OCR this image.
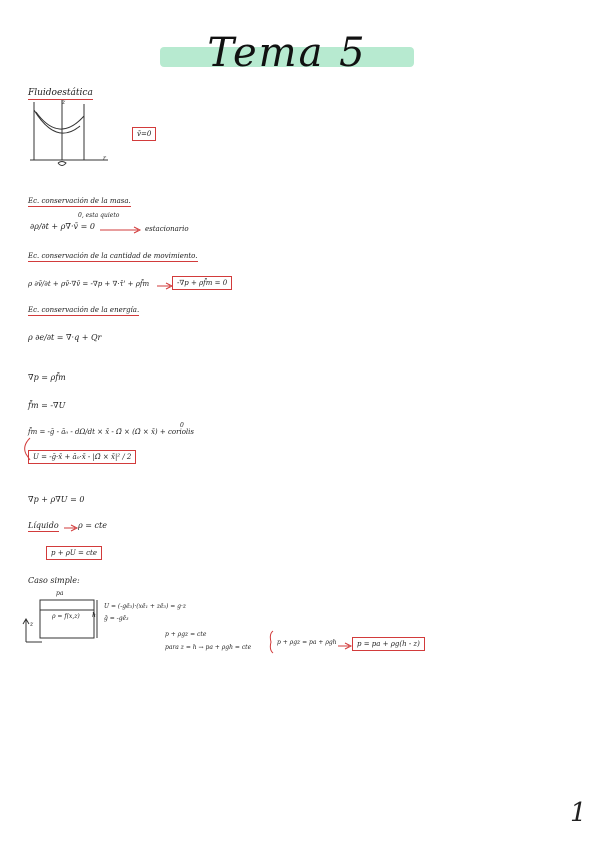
Tema 5
Fluidoestática
z
r
v̄=0
Ec. conservación de la masa.
∂ρ/∂t + ρ∇·v̄ = 0
0, esta quieto
estacionario
Ec. conservación de la cantidad de movimiento.
ρ ∂v̄/∂t + ρv̄·∇v̄ = -∇p + ∇·τ̄' + ρf̄m	-∇p + ρf̄m = 0
Ec. conservación de la energía.
ρ ∂e/∂t = ∇·q + Qr
∇p = ρf̄m
f̄m = -∇U
f̄m = -ḡ - ā₀ - dΩ/dt × x̄ - Ω̄ × (Ω̄ × x̄) + coriolis
0
U = -ḡ·x̄ + ā₀·x̄ - |Ω̄ × x̄|² / 2
∇p + ρ∇U = 0
Líquido ρ = cte
p + ρU = cte
Caso simple:
pa
ρ = f(x,z) h
z
U = (-gē₃)·(xē₁ + zē₃) = g·z
ḡ = -gē₃
p + ρgz = cte
para z = h → pa + ρgh = cte
p + ρgz = pa + ρgh	p = pa + ρg(h - z)
1
